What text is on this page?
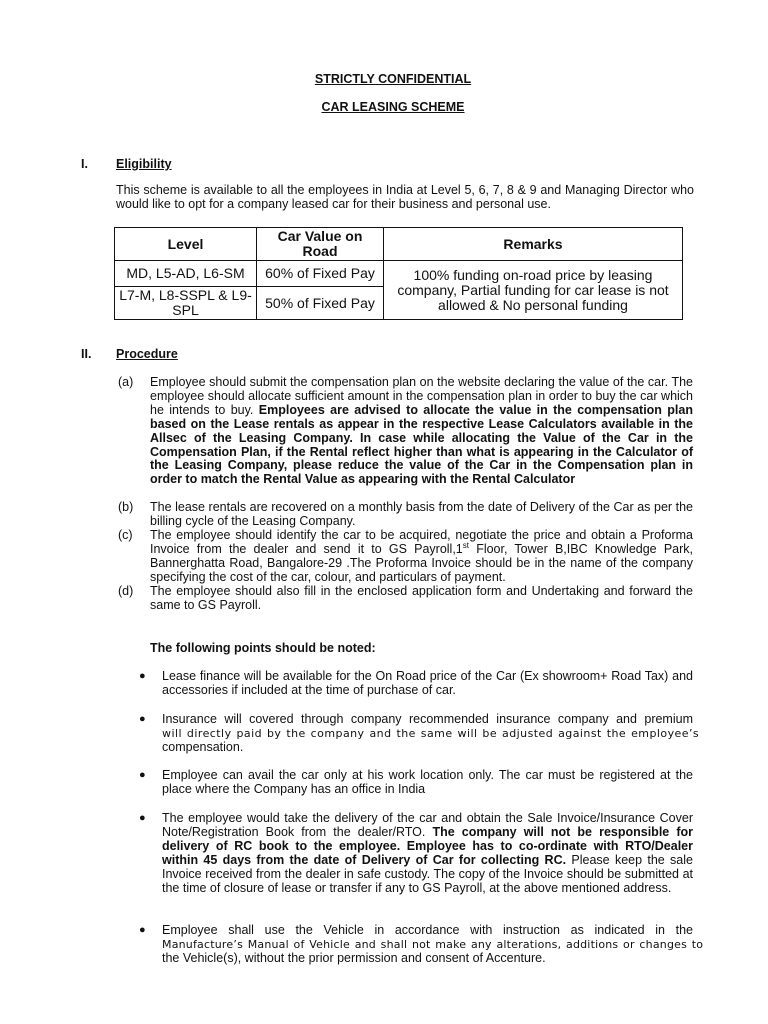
STRICTLY CONFIDENTIAL
CAR LEASING SCHEME
I. Eligibility
This scheme is available to all the employees in India at Level 5, 6, 7, 8 & 9 and Managing Director who would like to opt for a company leased car for their business and personal use.
Level	Car Value on Road	Remarks
MD, L5-AD, L6-SM	60% of Fixed Pay	100% funding on-road price by leasing company, Partial funding for car lease is not allowed & No personal funding
L7-M, L8-SSPL & L9-SPL	50% of Fixed Pay	
II. Procedure
(a) Employee should submit the compensation plan on the website declaring the value of the car. The employee should allocate sufficient amount in the compensation plan in order to buy the car which he intends to buy. Employees are advised to allocate the value in the compensation plan based on the Lease rentals as appear in the respective Lease Calculators available in the Allsec of the Leasing Company. In case while allocating the Value of the Car in the Compensation Plan, if the Rental reflect higher than what is appearing in the Calculator of the Leasing Company, please reduce the value of the Car in the Compensation plan in order to match the Rental Value as appearing with the Rental Calculator
(b) The lease rentals are recovered on a monthly basis from the date of Delivery of the Car as per the billing cycle of the Leasing Company.
(c) The employee should identify the car to be acquired, negotiate the price and obtain a Proforma Invoice from the dealer and send it to GS Payroll,1st Floor, Tower B,IBC Knowledge Park, Bannerghatta Road, Bangalore-29 .The Proforma Invoice should be in the name of the company specifying the cost of the car, colour, and particulars of payment.
(d) The employee should also fill in the enclosed application form and Undertaking and forward the same to GS Payroll.
The following points should be noted:
● Lease finance will be available for the On Road price of the Car (Ex showroom+ Road Tax) and accessories if included at the time of purchase of car.
● Insurance will covered through company recommended insurance company and premium
will directly paid by the company and the same will be adjusted against the employee’s
compensation.
● Employee can avail the car only at his work location only. The car must be registered at the place where the Company has an office in India
● The employee would take the delivery of the car and obtain the Sale Invoice/Insurance Cover Note/Registration Book from the dealer/RTO. The company will not be responsible for delivery of RC book to the employee. Employee has to co-ordinate with RTO/Dealer within 45 days from the date of Delivery of Car for collecting RC. Please keep the sale Invoice received from the dealer in safe custody. The copy of the Invoice should be submitted at the time of closure of lease or transfer if any to GS Payroll, at the above mentioned address.
● Employee shall use the Vehicle in accordance with instruction as indicated in the
Manufacture’s Manual of Vehicle and shall not make any alterations, additions or changes to
the Vehicle(s), without the prior permission and consent of Accenture.
